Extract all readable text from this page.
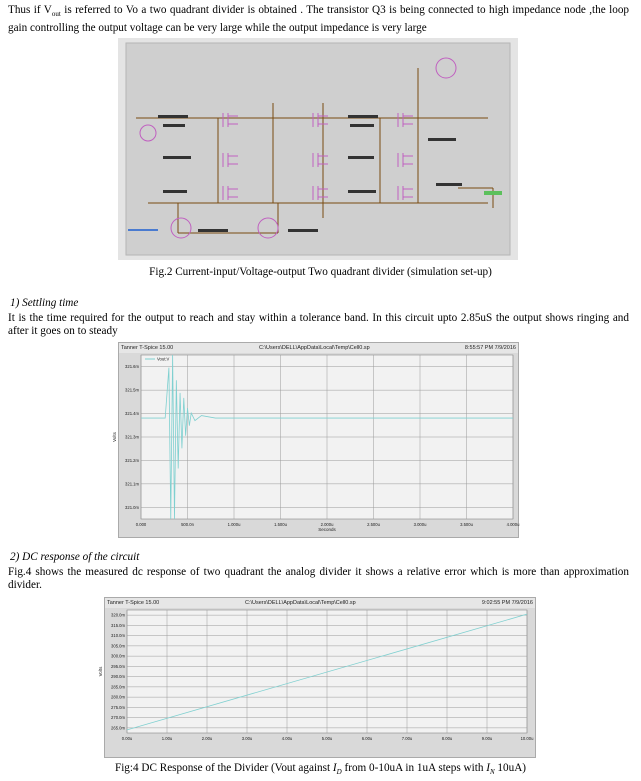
Thus if $V_{out}$ is referred to Vo a two quadrant divider is obtained . The transistor Q3 is being connected to high impedance node ,the loop gain controlling the output voltage can be very large while the output impedance is very large
Fig.2 Current-input/Voltage-output Two quadrant divider (simulation set-up)
1) Settling time
It is the time required for the output to reach and stay within a tolerance band. In this circuit upto 2.85uS the output shows ringing and after it goes on to steady
Tanner T-Spice 15.00	C:\Users\DELL\AppData\Local\Temp\Cell0.sp	8:55:57 PM 7/9/2016
0.000	500.0n	1.000u	1.500u	2.000u	2.500u	3.000u	3.500u	4.000u
321.6m
321.5m
321.4m
321.3m
321.2m
321.1m
321.0m
Volts
Seconds
Vout:V
2) DC response of the circuit
Fig.4 shows the measured dc response of two quadrant the analog divider it shows a relative error which is more than approximation divider.
Tanner T-Spice 15.00	C:\Users\DELL\AppData\Local\Temp\Cell0.sp	9:02:55 PM 7/9/2016
0.00u	1.00u	2.00u	3.00u	4.00u	5.00u	6.00u	7.00u	8.00u	9.00u	10.00u
320.0m
315.0m
310.0m
305.0m
300.0m
295.0m
290.0m
285.0m
280.0m
275.0m
270.0m
265.0m
Volts
Fig:4 DC Response of the Divider (Vout against $I_D$ from 0-10uA in 1uA steps with $I_N$ 10uA)
